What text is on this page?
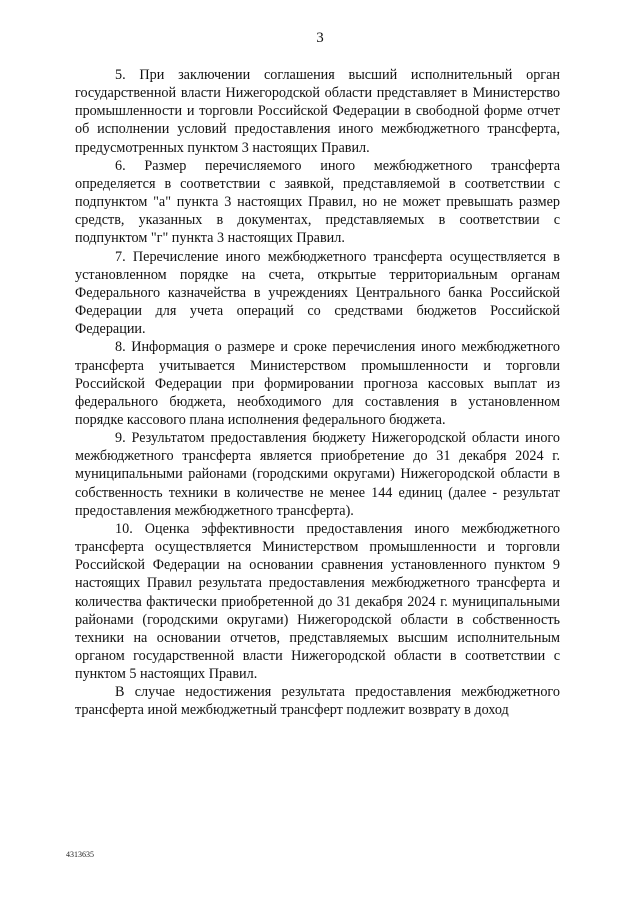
3

5. При заключении соглашения высший исполнительный орган государственной власти Нижегородской области представляет в Министерство промышленности и торговли Российской Федерации в свободной форме отчет об исполнении условий предоставления иного межбюджетного трансферта, предусмотренных пунктом 3 настоящих Правил.

6. Размер перечисляемого иного межбюджетного трансферта определяется в соответствии с заявкой, представляемой в соответствии с подпунктом "а" пункта 3 настоящих Правил, но не может превышать размер средств, указанных в документах, представляемых в соответствии с подпунктом "г" пункта 3 настоящих Правил.

7. Перечисление иного межбюджетного трансферта осуществляется в установленном порядке на счета, открытые территориальным органам Федерального казначейства в учреждениях Центрального банка Российской Федерации для учета операций со средствами бюджетов Российской Федерации.

8. Информация о размере и сроке перечисления иного межбюджетного трансферта учитывается Министерством промышленности и торговли Российской Федерации при формировании прогноза кассовых выплат из федерального бюджета, необходимого для составления в установленном порядке кассового плана исполнения федерального бюджета.

9. Результатом предоставления бюджету Нижегородской области иного межбюджетного трансферта является приобретение до 31 декабря 2024 г. муниципальными районами (городскими округами) Нижегородской области в собственность техники в количестве не менее 144 единиц (далее - результат предоставления межбюджетного трансферта).

10. Оценка эффективности предоставления иного межбюджетного трансферта осуществляется Министерством промышленности и торговли Российской Федерации на основании сравнения установленного пунктом 9 настоящих Правил результата предоставления межбюджетного трансферта и количества фактически приобретенной до 31 декабря 2024 г. муниципальными районами (городскими округами) Нижегородской области в собственность техники на основании отчетов, представляемых высшим исполнительным органом государственной власти Нижегородской области в соответствии с пунктом 5 настоящих Правил.

В случае недостижения результата предоставления межбюджетного трансферта иной межбюджетный трансферт подлежит возврату в доход

4313635
